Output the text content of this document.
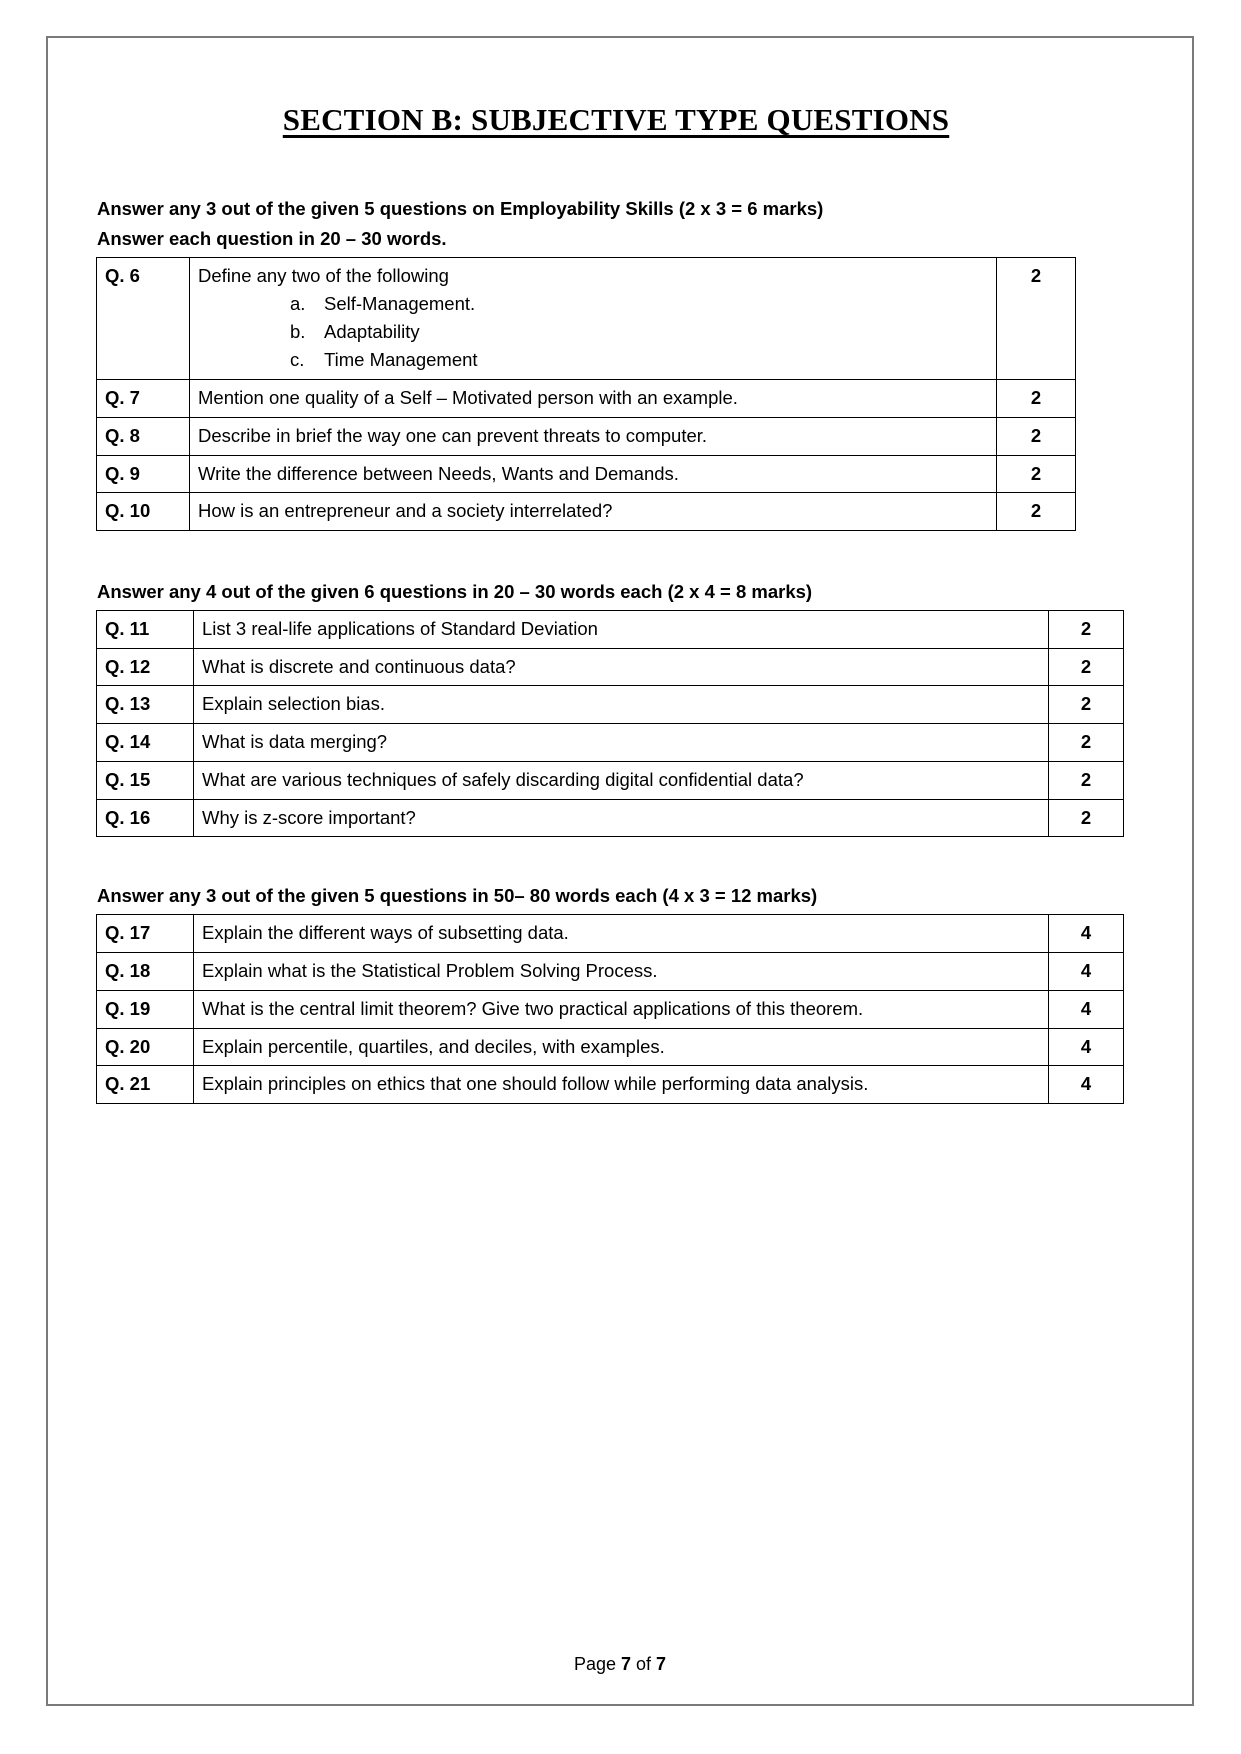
SECTION B: SUBJECTIVE TYPE QUESTIONS

Answer any 3 out of the given 5 questions on Employability Skills (2 x 3 = 6 marks)

Answer each question in 20 – 30 words.

Q. 6	Define any two of the following
a. Self-Management.
b. Adaptability
c. Time Management
	2
Q. 7	Mention one quality of a Self – Motivated person with an example.	2
Q. 8	Describe in brief the way one can prevent threats to computer.	2
Q. 9	Write the difference between Needs, Wants and Demands.	2
Q. 10	How is an entrepreneur and a society interrelated?	2

Answer any 4 out of the given 6 questions in 20 – 30 words each (2 x 4 = 8 marks)

Q. 11	List 3 real-life applications of Standard Deviation	2
Q. 12	What is discrete and continuous data?	2
Q. 13	Explain selection bias.	2
Q. 14	What is data merging?	2
Q. 15	What are various techniques of safely discarding digital confidential data?	2
Q. 16	Why is z-score important?	2

Answer any 3 out of the given 5 questions in 50– 80 words each (4 x 3 = 12 marks)

Q. 17	Explain the different ways of subsetting data.	4
Q. 18	Explain what is the Statistical Problem Solving Process.	4
Q. 19	What is the central limit theorem? Give two practical applications of this theorem.	4
Q. 20	Explain percentile, quartiles, and deciles, with examples.	4
Q. 21	Explain principles on ethics that one should follow while performing data analysis.	4
Page 7 of 7
